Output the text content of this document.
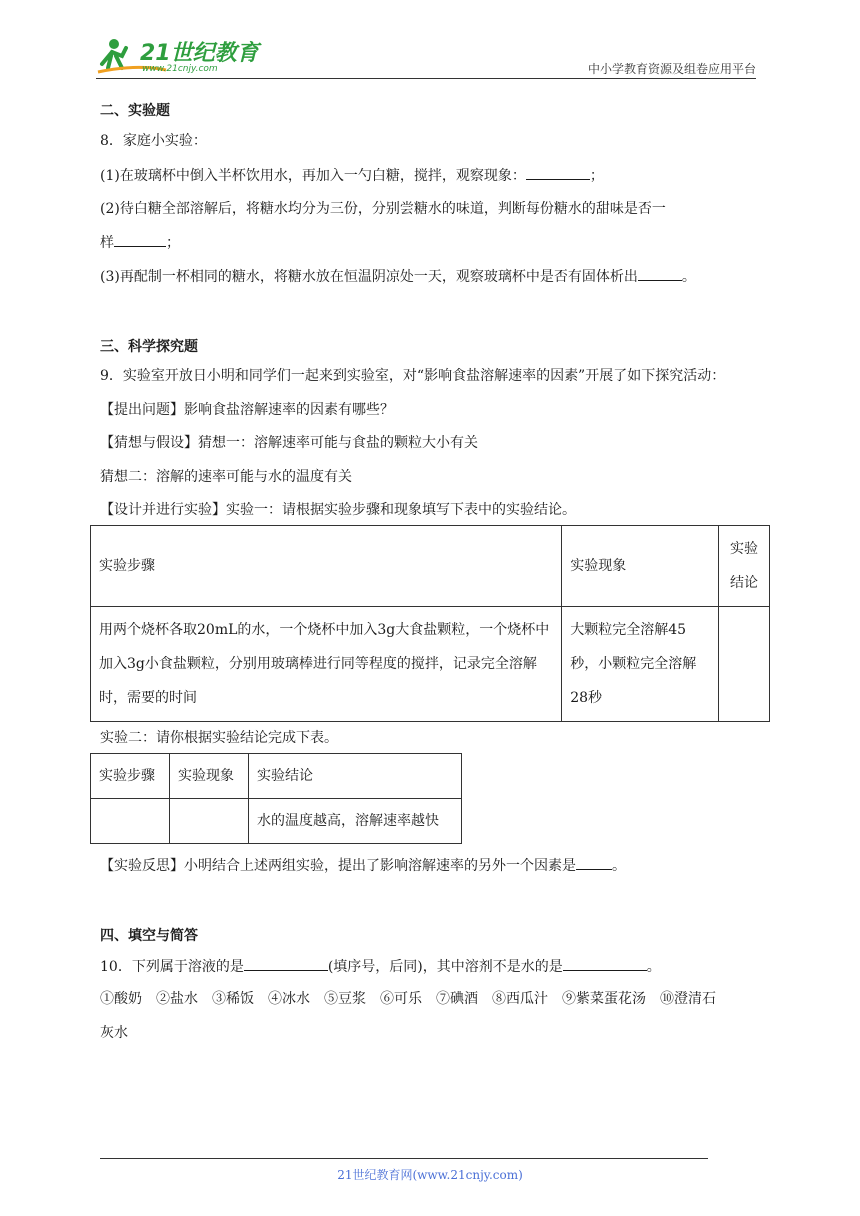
21世纪教育
www.21cnjy.com	中小学教育资源及组卷应用平台
二、实验题
8．家庭小实验：
(1)在玻璃杯中倒入半杯饮用水，再加入一勺白糖，搅拌，观察现象：	；
(2)待白糖全部溶解后，将糖水均分为三份，分别尝糖水的味道，判断每份糖水的甜味是否一
样	；
(3)再配制一杯相同的糖水，将糖水放在恒温阴凉处一天，观察玻璃杯中是否有固体析出	。
三、科学探究题
9．实验室开放日小明和同学们一起来到实验室，对“影响食盐溶解速率的因素”开展了如下探究活动：
【提出问题】影响食盐溶解速率的因素有哪些？
【猜想与假设】猜想一：溶解速率可能与食盐的颗粒大小有关
猜想二：溶解的速率可能与水的温度有关
【设计并进行实验】实验一：请根据实验步骤和现象填写下表中的实验结论。
实验步骤	实验现象	实验结论
用两个烧杯各取20mL的水，一个烧杯中加入3g大食盐颗粒，一个烧杯中加入3g小食盐颗粒，分别用玻璃棒进行同等程度的搅拌，记录完全溶解时，需要的时间	大颗粒完全溶解45秒，小颗粒完全溶解28秒	
实验二：请你根据实验结论完成下表。
实验步骤	实验现象	实验结论
		水的温度越高，溶解速率越快
【实验反思】小明结合上述两组实验，提出了影响溶解速率的另外一个因素是	。
四、填空与简答
10．下列属于溶液的是	(填序号，后同)，其中溶剂不是水的是	。
①酸奶　②盐水　③稀饭　④冰水　⑤豆浆　⑥可乐　⑦碘酒　⑧西瓜汁　⑨紫菜蛋花汤　⑩澄清石
灰水
21世纪教育网(www.21cnjy.com)
